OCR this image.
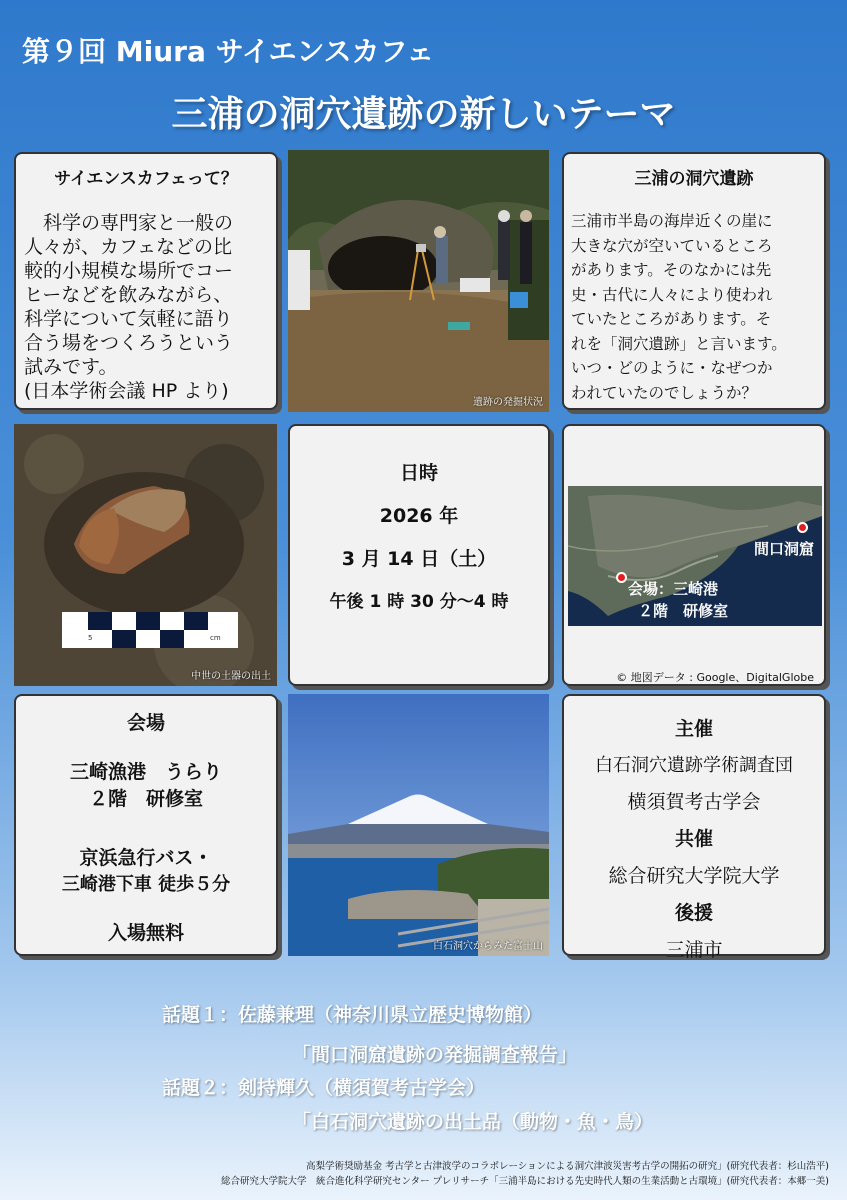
第９回 Miura サイエンスカフェ
三浦の洞穴遺跡の新しいテーマ
サイエンスカフェって？
　科学の専門家と一般の
人々が、カフェなどの比
較的小規模な場所でコー
ヒーなどを飲みながら、
科学について気軽に語り
合う場をつくろうという
試みです。
(日本学術会議 HP より)
遺跡の発掘状況
三浦の洞穴遺跡
三浦市半島の海岸近くの崖に
大きな穴が空いているところ
があります。そのなかには先
史・古代に人々により使われ
ていたところがあります。そ
れを「洞穴遺跡」と言います。
いつ・どのように・なぜつか
われていたのでしょうか？
5	cm
中世の土器の出土
日時
2026 年
3 月 14 日（土）
午後 1 時 30 分〜4 時
間口洞窟
会場：三崎港
２階　研修室
© 地図データ : Google、DigitalGlobe
会場
三崎漁港　うらり
２階　研修室
京浜急行バス・
三崎港下車 徒歩５分
入場無料
白石洞穴からみた富士山
主催
白石洞穴遺跡学術調査団
横須賀考古学会
共催
総合研究大学院大学
後援
三浦市
話題１：佐藤兼理（神奈川県立歴史博物館）
「間口洞窟遺跡の発掘調査報告」
話題２：剣持輝久（横須賀考古学会）
「白石洞穴遺跡の出土品（動物・魚・鳥）
高梨学術奨励基金 考古学と古津波学のコラボレーションによる洞穴津波災害考古学の開拓の研究」(研究代表者：杉山浩平)
総合研究大学院大学　統合進化科学研究センター プレリサーチ「三浦半島における先史時代人類の生業活動と古環境」(研究代表者：本郷一美)
